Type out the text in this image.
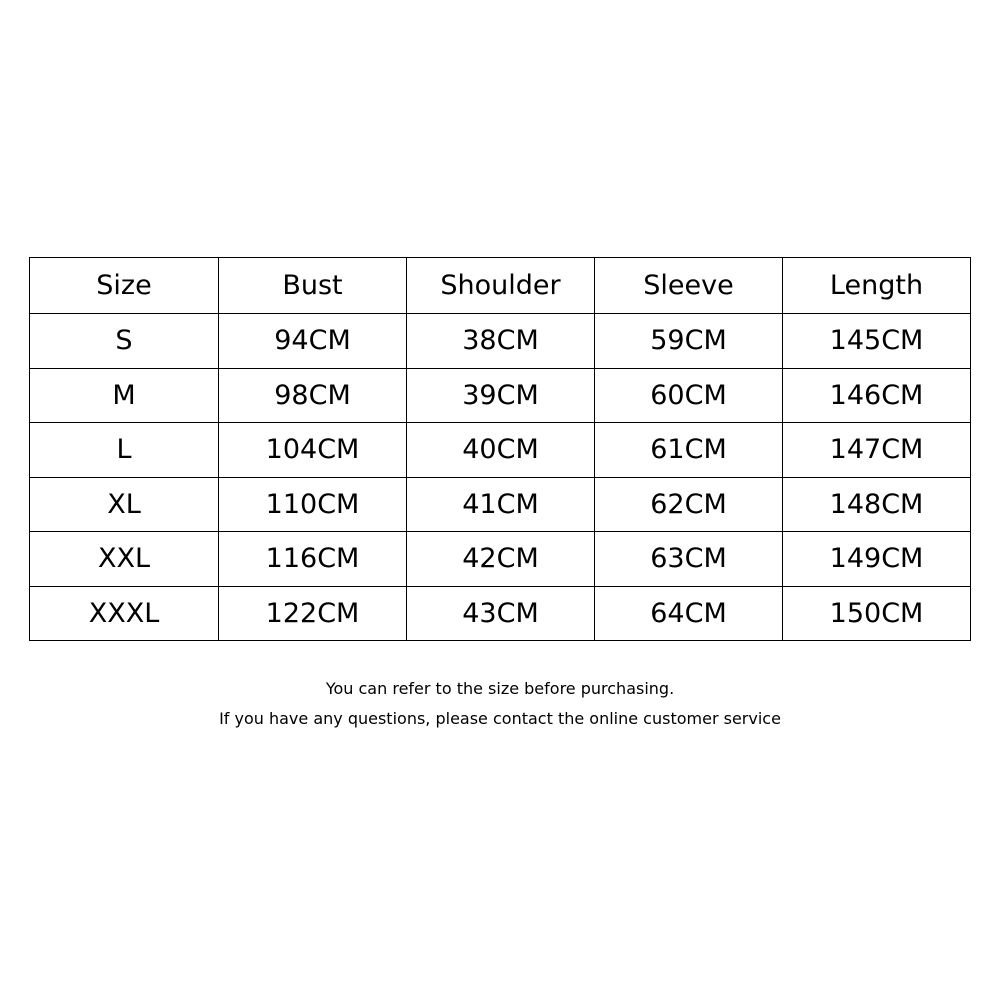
Size	Bust	Shoulder	Sleeve	Length
S	94CM	38CM	59CM	145CM
M	98CM	39CM	60CM	146CM
L	104CM	40CM	61CM	147CM
XL	110CM	41CM	62CM	148CM
XXL	116CM	42CM	63CM	149CM
XXXL	122CM	43CM	64CM	150CM
You can refer to the size before purchasing.
If you have any questions, please contact the online customer service
